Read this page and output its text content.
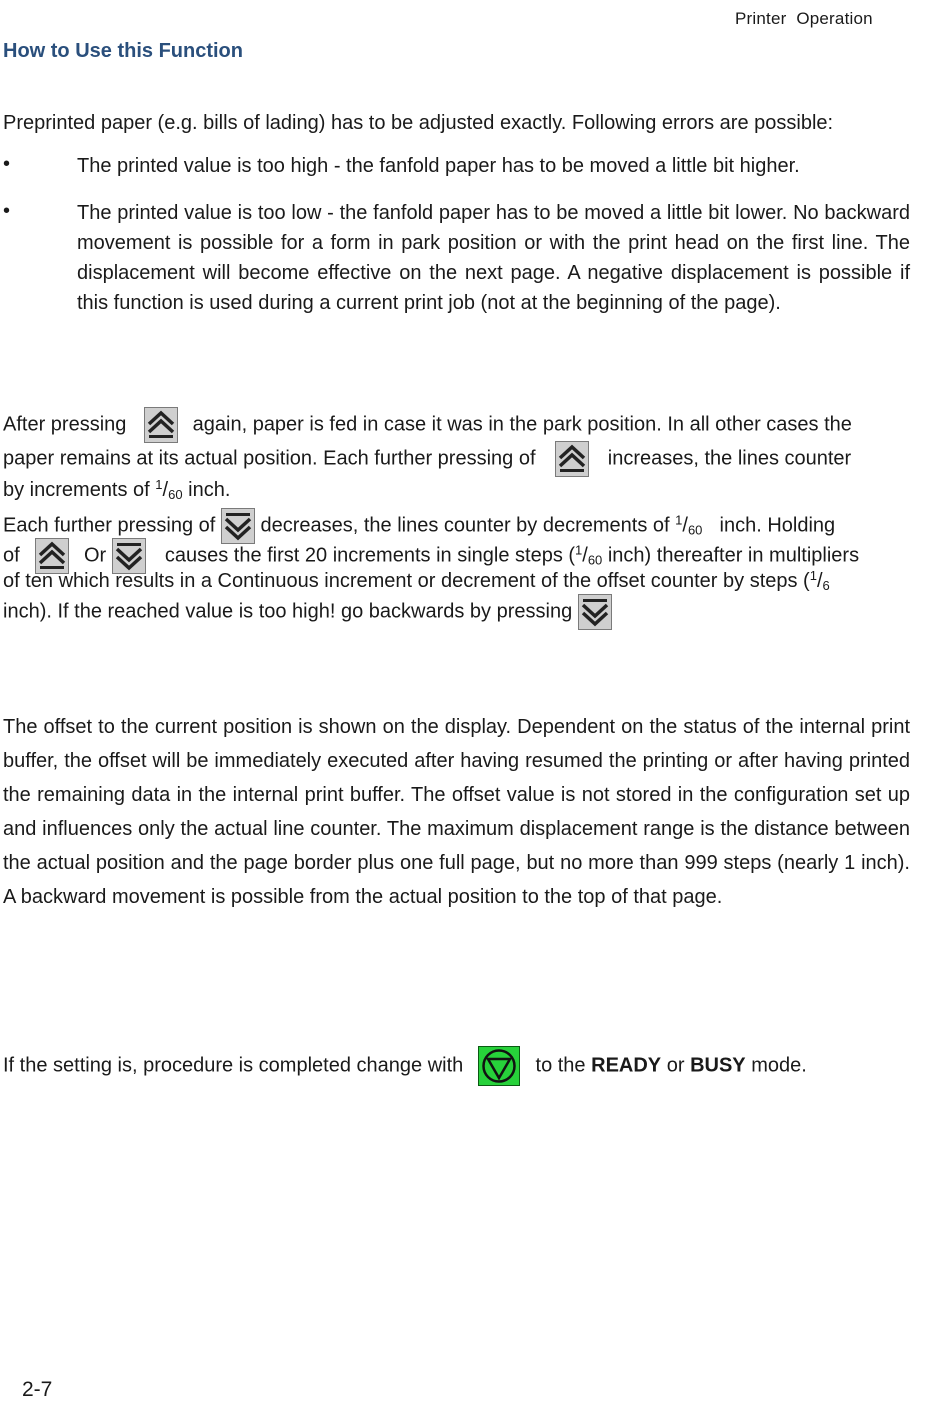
Printer  Operation
How to Use this Function
Preprinted paper (e.g. bills of lading) has to be adjusted exactly. Following errors are possible:
•	The printed value is too high - the fanfold paper has to be moved a little bit higher.
•	The printed value is too low - the fanfold paper has to be moved a little bit lower. No backward movement is possible for a form in park position or with the print head on the first line. The displacement will become effective on the next page. A negative displacement is possible if this function is used during a current print job (not at the beginning of the page).
After pressing	again, paper is fed in case it was in the park position. In all other cases the
paper remains at its actual position. Each further pressing of	increases, the lines counter
by increments of $^1/_{60}$ inch.
Each further pressing of decreases, the lines counter by decrements of $^1/_{60}$ inch. Holding
of	Or	causes the first 20 increments in single steps ($^1/_{60}$ inch) thereafter in multipliers
of ten which results in a Continuous increment or decrement of the offset counter by steps ($^1/_6$
inch). If the reached value is too high! go backwards by pressing
The offset to the current position is shown on the display. Dependent on the status of the internal print buffer, the offset will be immediately executed after having resumed the printing or after having printed the remaining data in the internal print buffer. The offset value is not stored in the configuration set up and influences only the actual line counter. The maximum displacement range is the distance between the actual position and the page border plus one full page, but no more than 999 steps (nearly 1 inch). A backward movement is possible from the actual position to the top of that page.
If the setting is, procedure is completed change with	to the READY or BUSY mode.
2-7
